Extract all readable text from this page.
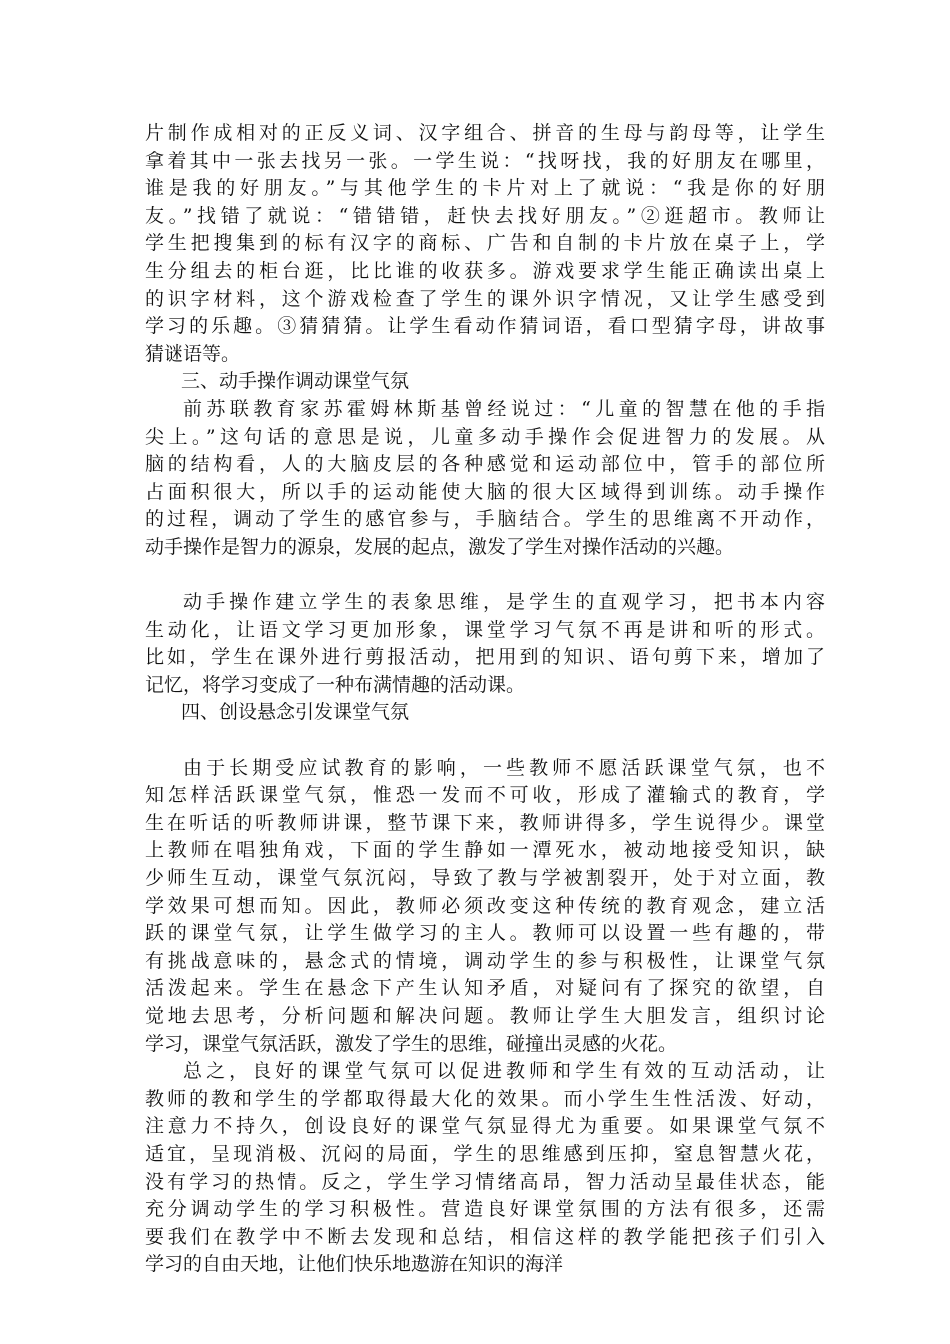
片制作成相对的正反义词、汉字组合、拼音的生母与韵母等，让学生
拿着其中一张去找另一张。一学生说：“找呀找，我的好朋友在哪里，
谁是我的好朋友。”与其他学生的卡片对上了就说：“我是你的好朋
友。”找错了就说：“错错错，赶快去找好朋友。”②逛超市。教师让
学生把搜集到的标有汉字的商标、广告和自制的卡片放在桌子上，学
生分组去的柜台逛，比比谁的收获多。游戏要求学生能正确读出桌上
的识字材料，这个游戏检查了学生的课外识字情况，又让学生感受到
学习的乐趣。③猜猜猜。让学生看动作猜词语，看口型猜字母，讲故事
猜谜语等。
三、动手操作调动课堂气氛
前苏联教育家苏霍姆林斯基曾经说过：“儿童的智慧在他的手指
尖上。”这句话的意思是说，儿童多动手操作会促进智力的发展。从
脑的结构看，人的大脑皮层的各种感觉和运动部位中，管手的部位所
占面积很大，所以手的运动能使大脑的很大区域得到训练。动手操作
的过程，调动了学生的感官参与，手脑结合。学生的思维离不开动作，
动手操作是智力的源泉，发展的起点，激发了学生对操作活动的兴趣。
动手操作建立学生的表象思维，是学生的直观学习，把书本内容
生动化，让语文学习更加形象，课堂学习气氛不再是讲和听的形式。
比如，学生在课外进行剪报活动，把用到的知识、语句剪下来，增加了
记忆，将学习变成了一种布满情趣的活动课。
四、创设悬念引发课堂气氛
由于长期受应试教育的影响，一些教师不愿活跃课堂气氛，也不
知怎样活跃课堂气氛，惟恐一发而不可收，形成了灌输式的教育，学
生在听话的听教师讲课，整节课下来，教师讲得多，学生说得少。课堂
上教师在唱独角戏，下面的学生静如一潭死水，被动地接受知识，缺
少师生互动，课堂气氛沉闷，导致了教与学被割裂开，处于对立面，教
学效果可想而知。因此，教师必须改变这种传统的教育观念，建立活
跃的课堂气氛，让学生做学习的主人。教师可以设置一些有趣的，带
有挑战意味的，悬念式的情境，调动学生的参与积极性，让课堂气氛
活泼起来。学生在悬念下产生认知矛盾，对疑问有了探究的欲望，自
觉地去思考，分析问题和解决问题。教师让学生大胆发言，组织讨论
学习，课堂气氛活跃，激发了学生的思维，碰撞出灵感的火花。
总之，良好的课堂气氛可以促进教师和学生有效的互动活动，让
教师的教和学生的学都取得最大化的效果。而小学生生性活泼、好动，
注意力不持久，创设良好的课堂气氛显得尤为重要。如果课堂气氛不
适宜，呈现消极、沉闷的局面，学生的思维感到压抑，窒息智慧火花，
没有学习的热情。反之，学生学习情绪高昂，智力活动呈最佳状态，能
充分调动学生的学习积极性。营造良好课堂氛围的方法有很多，还需
要我们在教学中不断去发现和总结，相信这样的教学能把孩子们引入
学习的自由天地，让他们快乐地遨游在知识的海洋
